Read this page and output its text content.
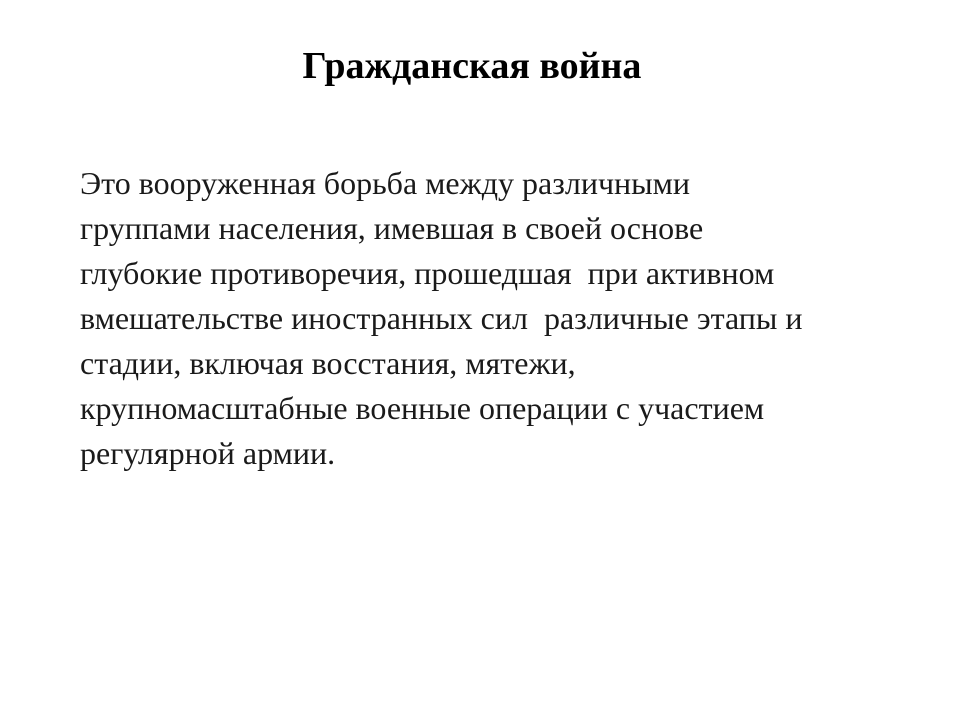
Гражданская война

Это вооруженная борьба между различными
группами населения, имевшая в своей основе
глубокие противоречия, прошедшая  при активном
вмешательстве иностранных сил  различные этапы и
стадии, включая восстания, мятежи,
крупномасштабные военные операции с участием
регулярной армии.
